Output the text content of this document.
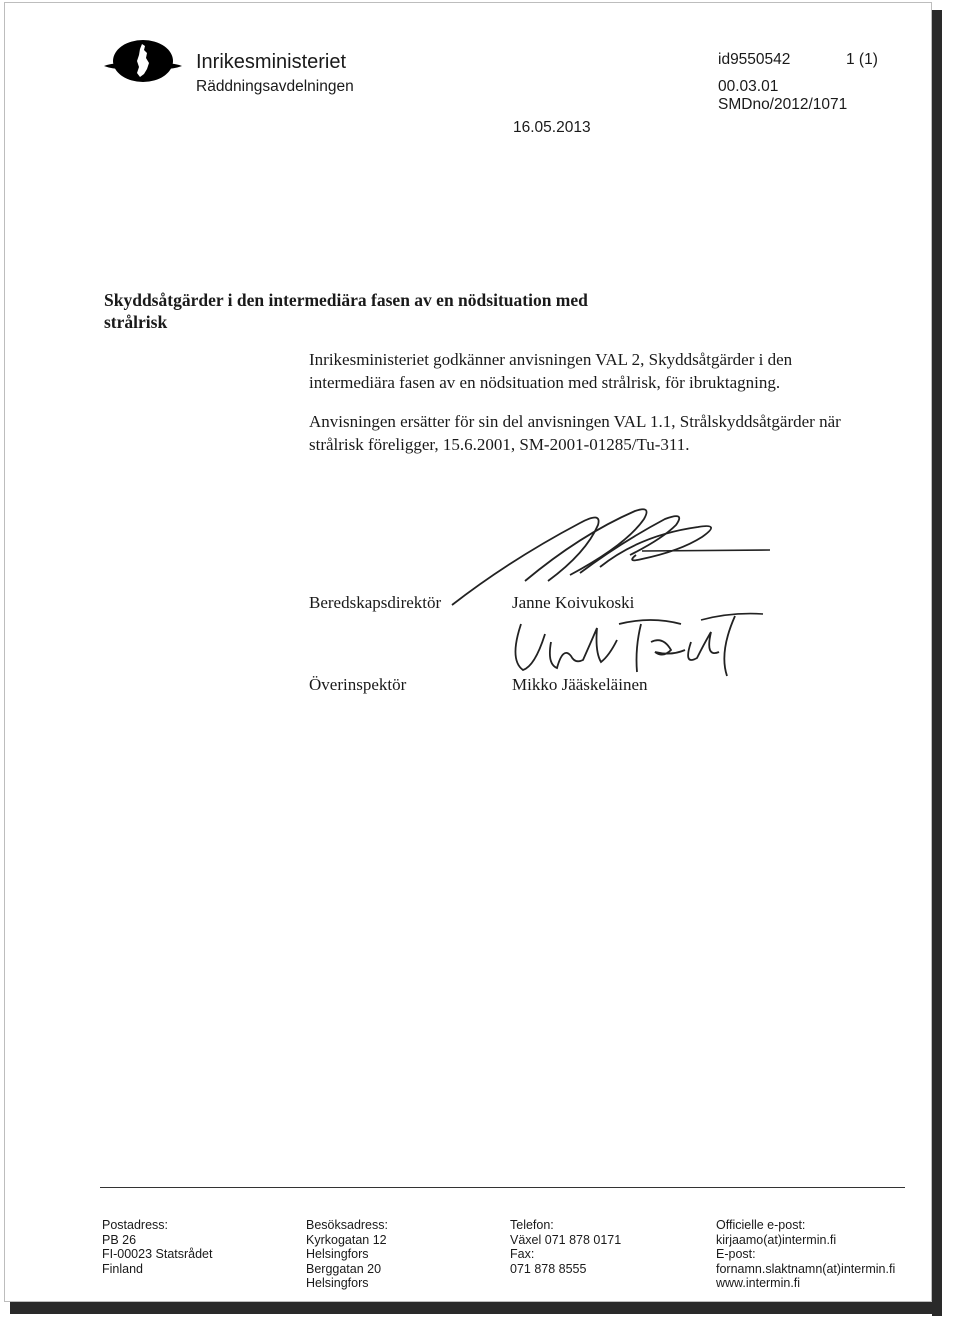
Inrikesministeriet
Räddningsavdelningen
id9550542	1 (1)
00.03.01
SMDno/2012/1071
16.05.2013
Skyddsåtgärder i den intermediära fasen av en nödsituation med
strålrisk
Inrikesministeriet godkänner anvisningen VAL 2, Skyddsåtgärder i den
intermediära fasen av en nödsituation med strålrisk, för ibruktagning.
Anvisningen ersätter för sin del anvisningen VAL 1.1, Strålskyddsåtgärder när
strålrisk föreligger, 15.6.2001, SM-2001-01285/Tu-311.
Beredskapsdirektör	Janne Koivukoski
Överinspektör	Mikko Jääskeläinen
Postadress:
PB 26
FI-00023 Statsrådet
Finland
Besöksadress:
Kyrkogatan 12
Helsingfors
Berggatan 20
Helsingfors
Telefon:
Växel 071 878 0171
Fax:
071 878 8555
Officielle e-post:
kirjaamo(at)intermin.fi
E-post:
fornamn.slaktnamn(at)intermin.fi
www.intermin.fi
